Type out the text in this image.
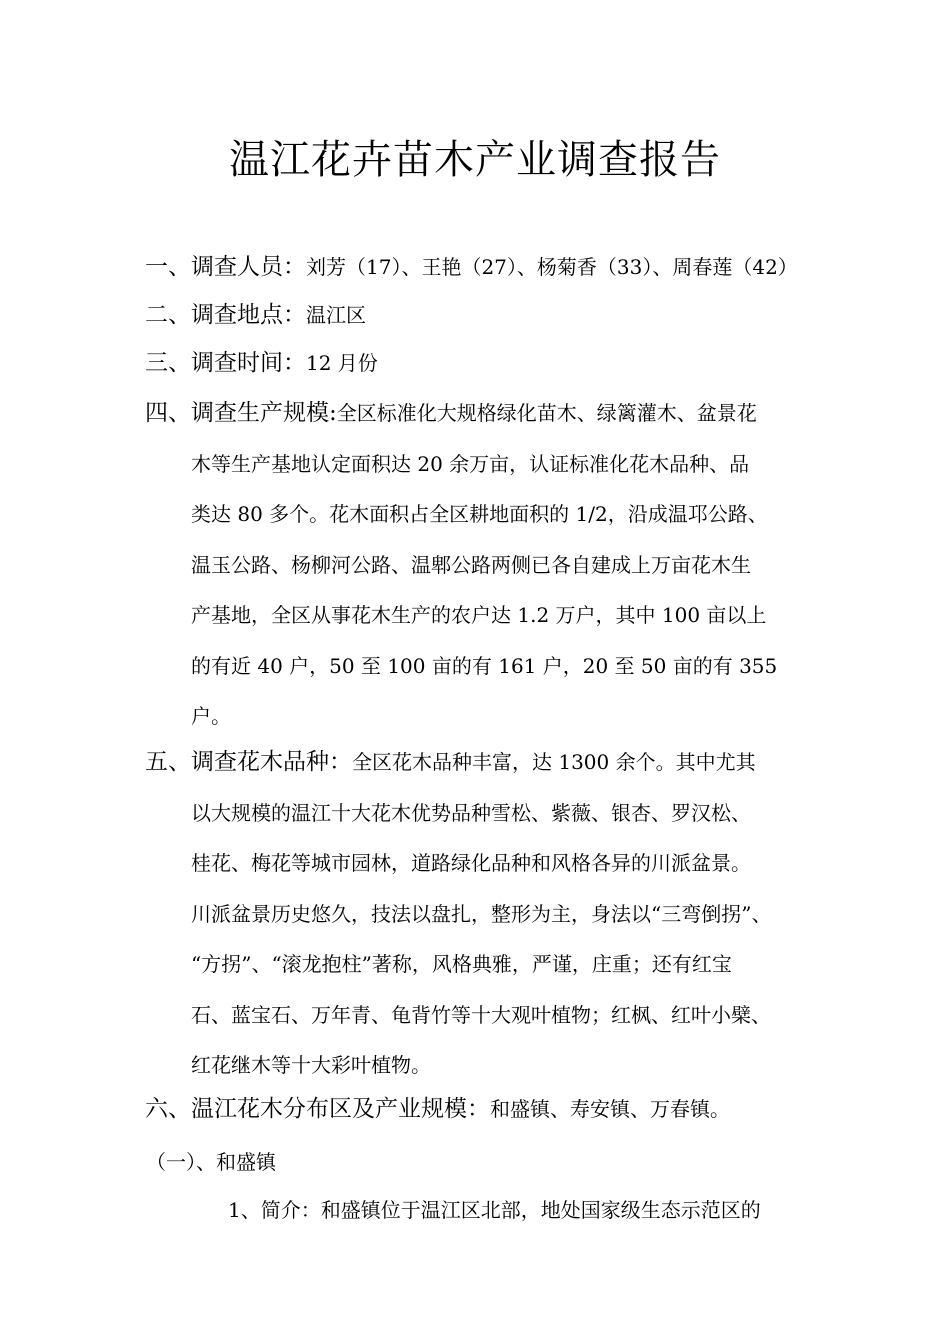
温江花卉苗木产业调查报告
一、调查人员：刘芳（17）、王艳（27）、杨菊香（33）、周春莲（42）
二、调查地点：温江区
三、调查时间：12 月份
四、调查生产规模:全区标准化大规格绿化苗木、绿篱灌木、盆景花
木等生产基地认定面积达 20 余万亩，认证标准化花木品种、品
类达 80 多个。花木面积占全区耕地面积的 1/2，沿成温邛公路、
温玉公路、杨柳河公路、温郫公路两侧已各自建成上万亩花木生
产基地，全区从事花木生产的农户达 1.2 万户，其中 100 亩以上
的有近 40 户，50 至 100 亩的有 161 户，20 至 50 亩的有 355
户。
五、调查花木品种：全区花木品种丰富，达 1300 余个。其中尤其
以大规模的温江十大花木优势品种雪松、紫薇、银杏、罗汉松、
桂花、梅花等城市园林，道路绿化品种和风格各异的川派盆景。
川派盆景历史悠久，技法以盘扎，整形为主，身法以“三弯倒拐”、
“方拐”、“滚龙抱柱”著称，风格典雅，严谨，庄重；还有红宝
石、蓝宝石、万年青、龟背竹等十大观叶植物；红枫、红叶小檗、
红花继木等十大彩叶植物。
六、温江花木分布区及产业规模：和盛镇、寿安镇、万春镇。
（一）、和盛镇
1、简介：和盛镇位于温江区北部，地处国家级生态示范区的
